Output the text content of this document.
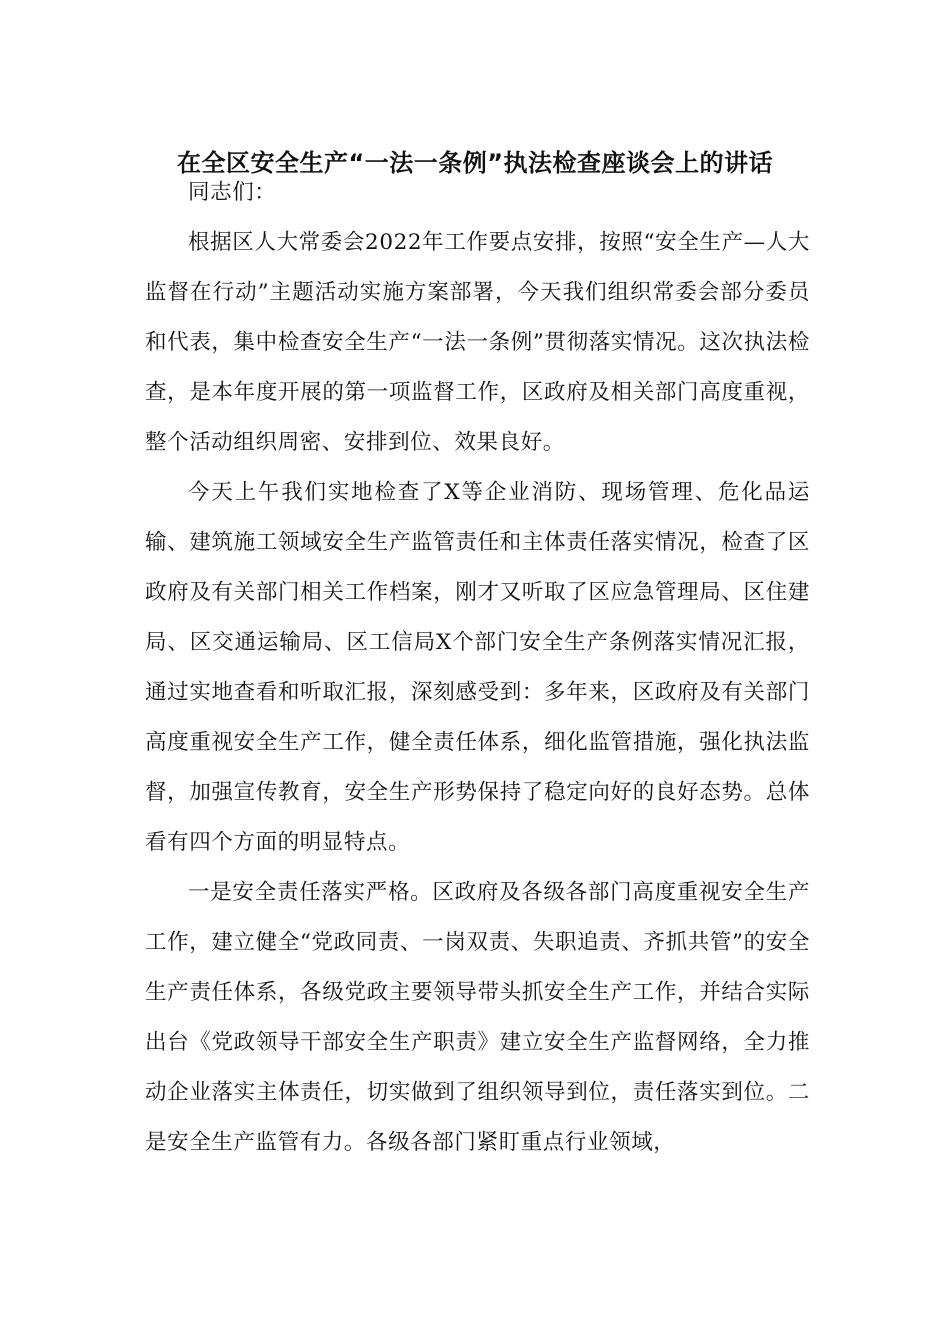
在全区安全生产“一法一条例”执法检查座谈会上的讲话

同志们：

根据区人大常委会2022年工作要点安排，按照“安全生产—人大监督在行动”主题活动实施方案部署，今天我们组织常委会部分委员和代表，集中检查安全生产“一法一条例”贯彻落实情况。这次执法检查，是本年度开展的第一项监督工作，区政府及相关部门高度重视，整个活动组织周密、安排到位、效果良好。

今天上午我们实地检查了X等企业消防、现场管理、危化品运输、建筑施工领域安全生产监管责任和主体责任落实情况，检查了区政府及有关部门相关工作档案，刚才又听取了区应急管理局、区住建局、区交通运输局、区工信局X个部门安全生产条例落实情况汇报，通过实地查看和听取汇报，深刻感受到：多年来，区政府及有关部门高度重视安全生产工作，健全责任体系，细化监管措施，强化执法监督，加强宣传教育，安全生产形势保持了稳定向好的良好态势。总体看有四个方面的明显特点。

一是安全责任落实严格。区政府及各级各部门高度重视安全生产工作，建立健全“党政同责、一岗双责、失职追责、齐抓共管”的安全生产责任体系，各级党政主要领导带头抓安全生产工作，并结合实际出台《党政领导干部安全生产职责》建立安全生产监督网络，全力推动企业落实主体责任，切实做到了组织领导到位，责任落实到位。二是安全生产监管有力。各级各部门紧盯重点行业领域，
